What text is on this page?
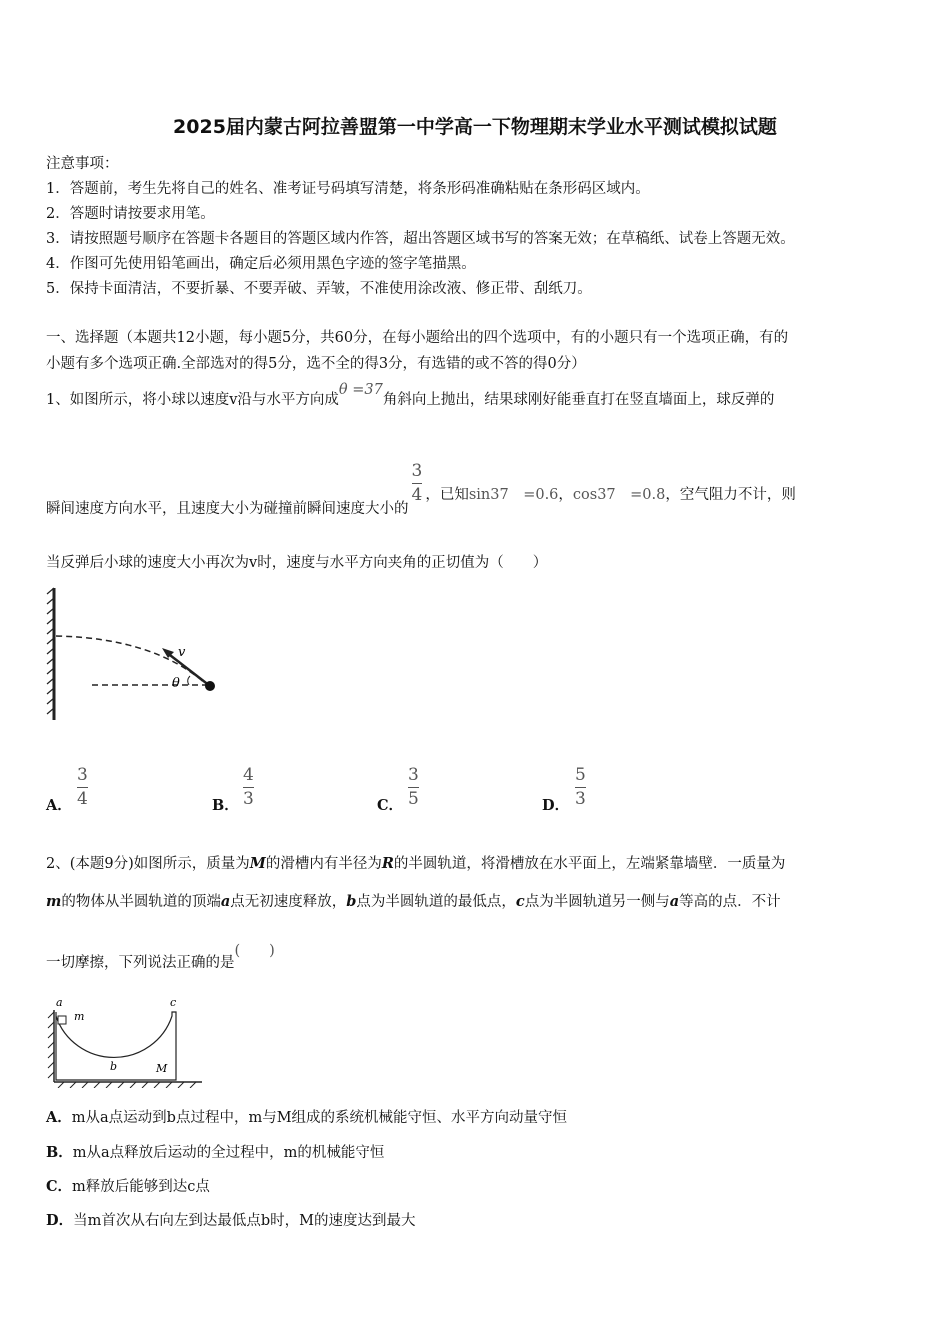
2025届内蒙古阿拉善盟第一中学高一下物理期末学业水平测试模拟试题
注意事项：
1．答题前，考生先将自己的姓名、准考证号码填写清楚，将条形码准确粘贴在条形码区域内。
2．答题时请按要求用笔。
3．请按照题号顺序在答题卡各题目的答题区域内作答，超出答题区域书写的答案无效；在草稿纸、试卷上答题无效。
4．作图可先使用铅笔画出，确定后必须用黑色字迹的签字笔描黑。
5．保持卡面清洁，不要折暴、不要弄破、弄皱，不准使用涂改液、修正带、刮纸刀。
一、选择题（本题共12小题，每小题5分，共60分，在每小题给出的四个选项中，有的小题只有一个选项正确，有的
小题有多个选项正确.全部选对的得5分，选不全的得3分，有选错的或不答的得0分）
1、如图所示，将小球以速度v沿与水平方向成θ =37角斜向上抛出，结果球刚好能垂直打在竖直墙面上，球反弹的
瞬间速度方向水平，且速度大小为碰撞前瞬间速度大小的
$\frac{3}{4}$ ，已知sin37　=0.6，cos37　=0.8，空气阻力不计，则
当反弹后小球的速度大小再次为v时，速度与水平方向夹角的正切值为（　　）
v
θ
A．
3
4	B．
4
3	C．
3
5	D．
5
3
2、(本题9分)如图所示，质量为M的滑槽内有半径为R的半圆轨道，将滑槽放在水平面上，左端紧靠墙壁．一质量为
m的物体从半圆轨道的顶端a点无初速度释放，b点为半圆轨道的最低点，c点为半圆轨道另一侧与a等高的点．不计
一切摩擦，下列说法正确的是(　　)
a
m
b	M
c
A．m从a点运动到b点过程中，m与M组成的系统机械能守恒、水平方向动量守恒
B．m从a点释放后运动的全过程中，m的机械能守恒
C．m释放后能够到达c点
D．当m首次从右向左到达最低点b时，M的速度达到最大
